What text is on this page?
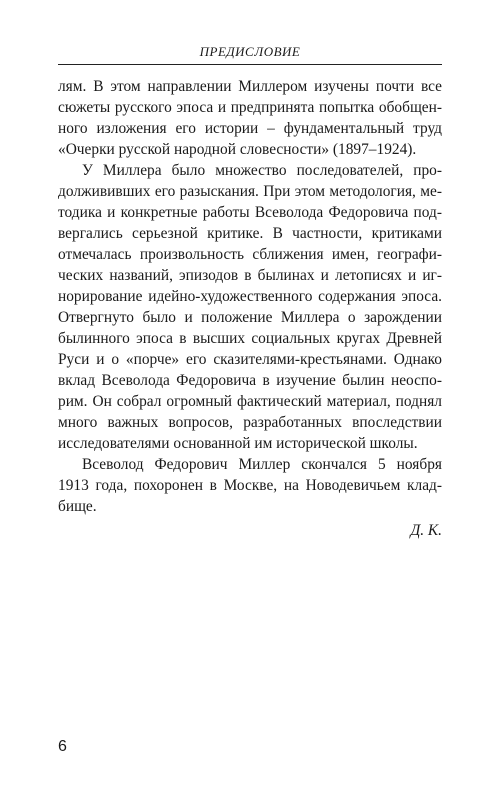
ПРЕДИСЛОВИЕ
лям. В этом направлении Миллером изучены почти все
сюжеты русского эпоса и предпринята попытка обобщен-
ного изложения его истории – фундаментальный труд
«Очерки русской народной словесности» (1897–1924).
У Миллера было множество последователей, про-
должививших его разыскания. При этом методология, ме-
тодика и конкретные работы Всеволода Федоровича под-
вергались серьезной критике. В частности, критиками
отмечалась произвольность сближения имен, географи-
ческих названий, эпизодов в былинах и летописях и иг-
норирование идейно-художественного содержания эпоса.
Отвергнуто было и положение Миллера о зарождении
былинного эпоса в высших социальных кругах Древней
Руси и о «порче» его сказителями-крестьянами. Однако
вклад Всеволода Федоровича в изучение былин неоспо-
рим. Он собрал огромный фактический материал, поднял
много важных вопросов, разработанных впоследствии
исследователями основанной им исторической школы.
Всеволод Федорович Миллер скончался 5 ноября
1913 года, похоронен в Москве, на Новодевичьем клад-
бище.
Д. К.
6
